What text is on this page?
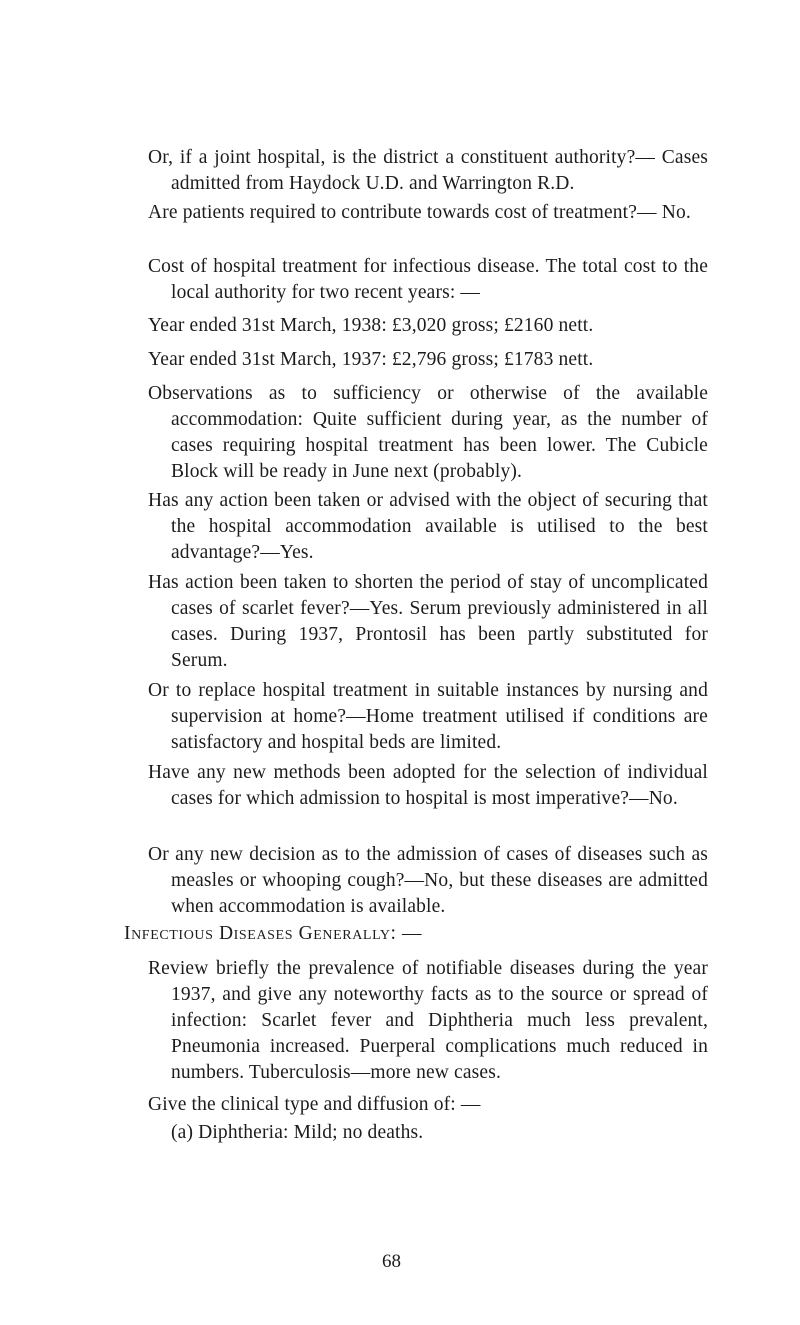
Or, if a joint hospital, is the district a constituent authority?— Cases admitted from Haydock U.D. and Warrington R.D.

Are patients required to contribute towards cost of treatment?— No.

Cost of hospital treatment for infectious disease. The total cost to the local authority for two recent years: —

Year ended 31st March, 1938: £3,020 gross; £2160 nett.

Year ended 31st March, 1937: £2,796 gross; £1783 nett.

Observations as to sufficiency or otherwise of the available accommodation: Quite sufficient during year, as the number of cases requiring hospital treatment has been lower. The Cubicle Block will be ready in June next (probably).

Has any action been taken or advised with the object of securing that the hospital accommodation available is utilised to the best advantage?—Yes.

Has action been taken to shorten the period of stay of uncomplicated cases of scarlet fever?—Yes. Serum previously administered in all cases. During 1937, Prontosil has been partly substituted for Serum.

Or to replace hospital treatment in suitable instances by nursing and supervision at home?—Home treatment utilised if conditions are satisfactory and hospital beds are limited.

Have any new methods been adopted for the selection of individual cases for which admission to hospital is most imperative?—No.

Or any new decision as to the admission of cases of diseases such as measles or whooping cough?—No, but these diseases are admitted when accommodation is available.

Infectious Diseases Generally: —

Review briefly the prevalence of notifiable diseases during the year 1937, and give any noteworthy facts as to the source or spread of infection: Scarlet fever and Diphtheria much less prevalent, Pneumonia increased. Puerperal complications much reduced in numbers. Tuberculosis—more new cases.

Give the clinical type and diffusion of: —

(a) Diphtheria: Mild; no deaths.

68
